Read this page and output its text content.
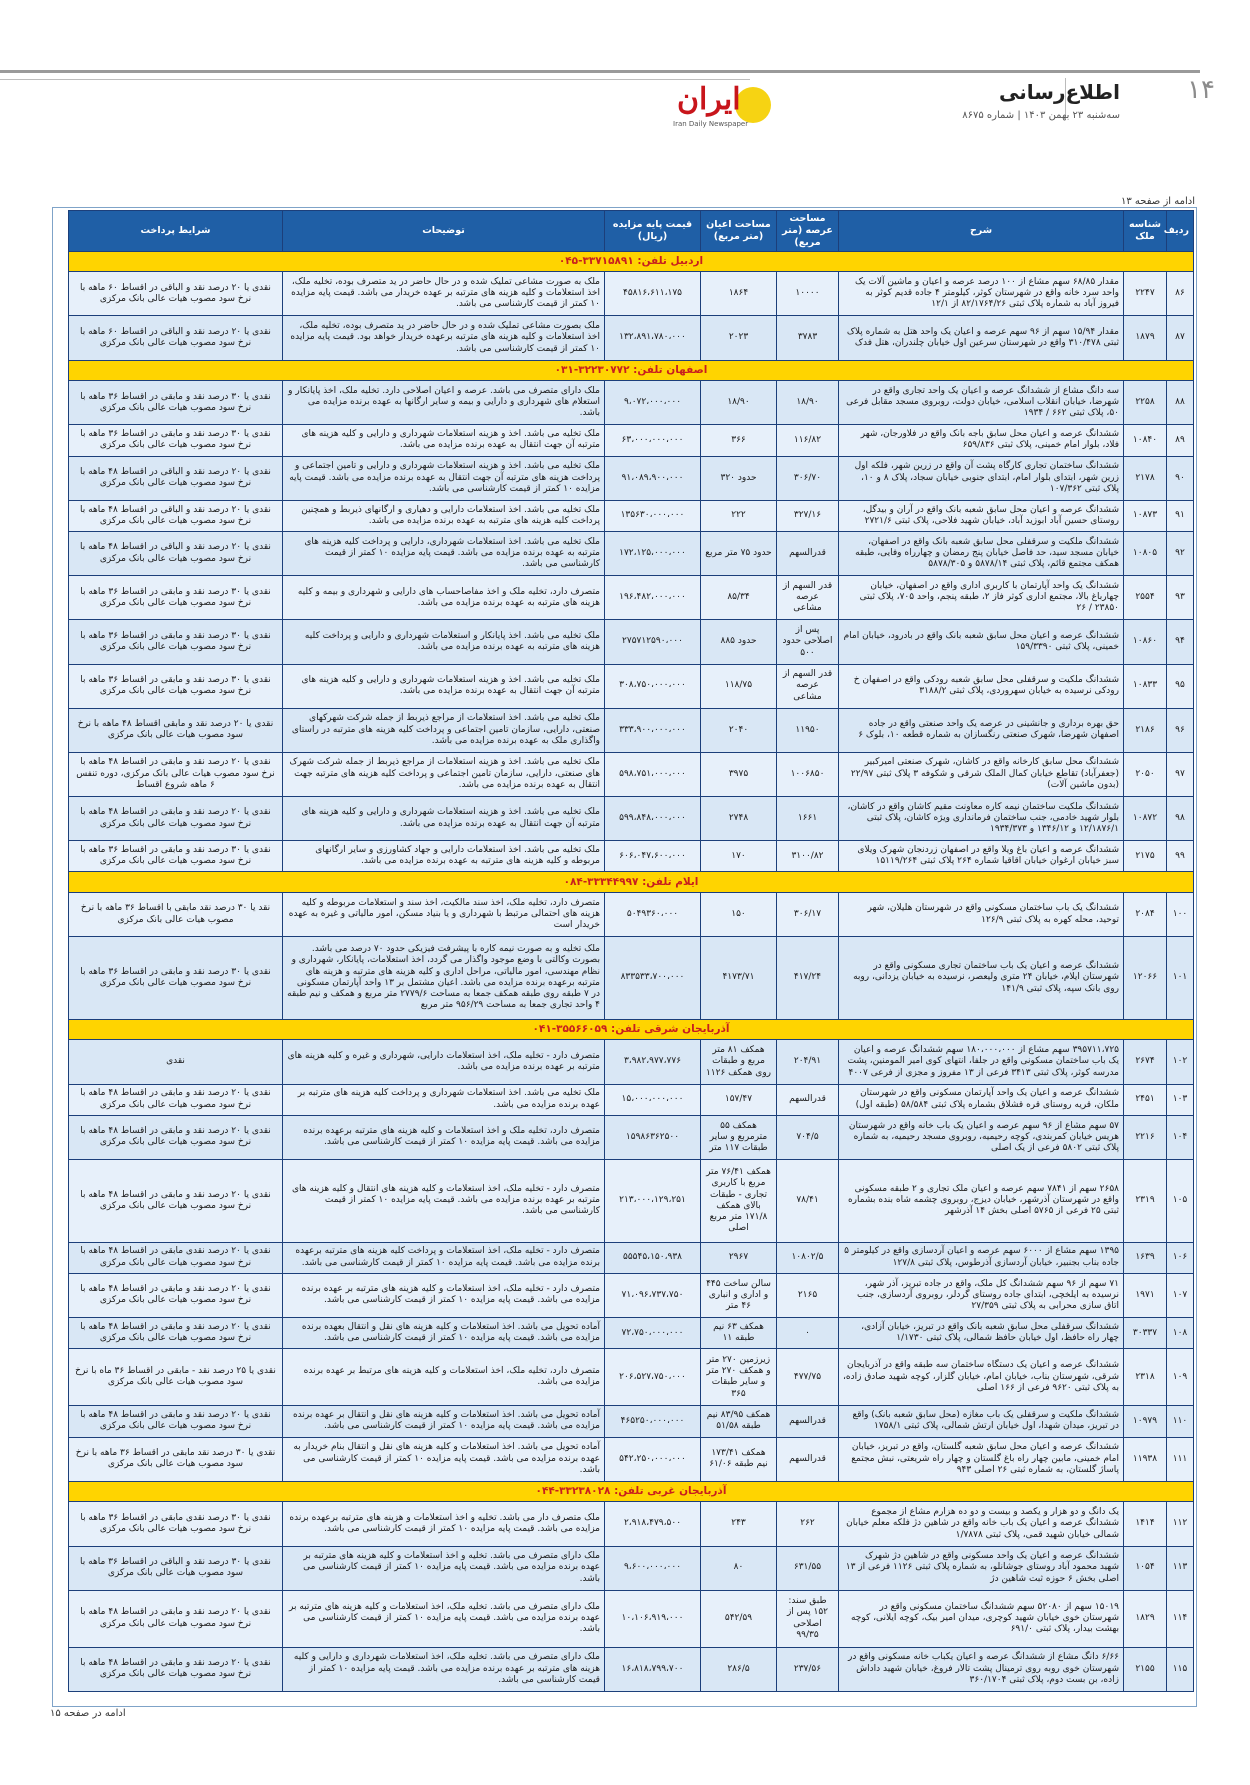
۱۴
اطلاع‌رسانی
سه‌شنبه ۲۳ بهمن ۱۴۰۳ | شماره ۸۶۷۵
ایران
Iran Daily Newspaper
ادامه از صفحه ۱۳
ردیف	شناسه ملک	شرح	مساحت عرصه (متر مربع)	مساحت اعیان (متر مربع)	قیمت پایه مزایده (ریال)	توضیحات	شرایط پرداخت
اردبیل تلفن: ۳۳۷۱۵۸۹۱-۰۴۵							
۸۶	۲۲۴۷	مقدار ۶۸/۸۵ سهم مشاع از ۱۰۰ درصد عرصه و اعیان و ماشین آلات یک واحد سرد خانه واقع در شهرستان کوثر، کیلومتر ۴ جاده قدیم کوثر به فیروز آباد به شماره پلاک ثبتی ۸۲/۱۷۶۴/۲۶ از ۱۲/۱	۱۰۰۰۰	۱۸۶۴	۴۵۸۱۶،۶۱۱،۱۷۵	ملک به صورت مشاعی تملیک شده و در حال حاضر در ید متصرف بوده، تخلیه ملک، اخذ استعلامات و کلیه هزینه های مترتبه بر عهده خریدار می باشد. قیمت پایه مزایده ۱۰ کمتر از قیمت کارشناسی می باشد.	نقدی یا ۲۰ درصد نقد و الباقی در اقساط ۶۰ ماهه با نرخ سود مصوب هیات عالی بانک مرکزی
۸۷	۱۸۷۹	مقدار ۱۵/۹۴ سهم از ۹۶ سهم عرصه و اعیان یک واحد هتل به شماره پلاک ثبتی ۳۱۰/۴۷۸ واقع در شهرستان سرعین اول خیابان چلندران، هتل فدک	۳۷۸۳	۲۰۲۳	۱۳۲،۸۹۱،۷۸۰،۰۰۰	ملک بصورت مشاعی تملیک شده و در حال حاضر در ید متصرف بوده، تخلیه ملک، اخذ استعلامات و کلیه هزینه های مترتبه برعهده خریدار خواهد بود. قیمت پایه مزایده ۱۰ کمتر از قیمت کارشناسی می باشد.	نقدی یا ۲۰ درصد نقد و الباقی در اقساط ۶۰ ماهه با نرخ سود مصوب هیات عالی بانک مرکزی
اصفهان تلفن: ۳۲۲۳۰۷۷۲-۰۳۱							
۸۸	۲۲۵۸	سه دانگ مشاع از ششدانگ عرصه و اعیان یک واحد تجاری واقع در شهرضا، خیابان انقلاب اسلامی، خیابان دولت، روبروی مسجد مقابل فرعی ۵۰، پلاک ثبتی ۶۶۲ / ۱۹۳۴	۱۸/۹۰	۱۸/۹۰	۹،۰۷۲،۰۰۰،۰۰۰	ملک دارای متصرف می باشد. عرصه و اعیان اصلاحی دارد. تخلیه ملک، اخذ پایانکار و استعلام های شهرداری و دارایی و بیمه و سایر ارگانها به عهده برنده مزایده می باشد.	نقدی یا ۳۰ درصد نقد و مابقی در اقساط ۳۶ ماهه با نرخ سود مصوب هیات عالی بانک مرکزی
۸۹	۱۰۸۴۰	ششدانگ عرصه و اعیان محل سابق باجه بانک واقع در فلاورجان، شهر فلاد، بلوار امام خمینی، پلاک ثبتی ۶۵۹/۸۳۶	۱۱۶/۸۲	۳۶۶	۶۳،۰۰۰،۰۰۰،۰۰۰	ملک تخلیه می باشد. اخذ و هزینه استعلامات شهرداری و دارایی و کلیه هزینه های مترتبه آن جهت انتقال به عهده برنده مزایده می باشد.	نقدی یا ۳۰ درصد نقد و مابقی در اقساط ۳۶ ماهه با نرخ سود مصوب هیات عالی بانک مرکزی
۹۰	۲۱۷۸	ششدانگ ساختمان تجاری کارگاه پشت آن واقع در زرین شهر، فلکه اول زرین شهر، ابتدای بلوار امام، ابتدای جنوبی خیابان سجاد، پلاک ۸ و ۱۰، پلاک ثبتی ۱۰۷/۳۶۲	۳۰۶/۷۰	حدود ۳۲۰	۹۱،۰۸۹،۹۰۰،۰۰۰	ملک تخلیه می باشد. اخذ و هزینه استعلامات شهرداری و دارایی و تامین اجتماعی و پرداخت هزینه های مترتبه آن جهت انتقال به عهده برنده مزایده می باشد. قیمت پایه مزایده ۱۰ کمتر از قیمت کارشناسی می باشد.	نقدی یا ۲۰ درصد نقد و الباقی در اقساط ۴۸ ماهه با نرخ سود مصوب هیات عالی بانک مرکزی
۹۱	۱۰۸۷۳	ششدانگ عرصه و اعیان محل سابق شعبه بانک واقع در آران و بیدگل، روستای حسین آباد ابوزید آباد، خیابان شهید فلاحی، پلاک ثبتی ۲۷۲۱/۶	۳۲۷/۱۶	۲۲۲	۱۳۵۶۳۰،۰۰۰،۰۰۰	ملک تخلیه می باشد. اخذ استعلامات دارایی و دهیاری و ارگانهای ذیربط و همچنین پرداخت کلیه هزینه های مترتبه به عهده برنده مزایده می باشد.	نقدی یا ۲۰ درصد نقد و الباقی در اقساط ۴۸ ماهه با نرخ سود مصوب هیات عالی بانک مرکزی
۹۲	۱۰۸۰۵	ششدانگ ملکیت و سرقفلی محل سابق شعبه بانک واقع در اصفهان، خیابان مسجد سید، حد فاصل خیابان پنج رمضان و چهارراه وفایی، طبقه همکف مجتمع قائم، پلاک ثبتی ۵۸۷۸/۱۴ و ۵۸۷۸/۳۰۵	قدرالسهم	حدود ۷۵ متر مربع	۱۷۲،۱۲۵،۰۰۰،۰۰۰	ملک تخلیه می باشد. اخذ استعلامات شهرداری، دارایی و پرداخت کلیه هزینه های مترتبه به عهده برنده مزایده می باشد. قیمت پایه مزایده ۱۰ کمتر از قیمت کارشناسی می باشد.	نقدی یا ۲۰ درصد نقد و الباقی در اقساط ۴۸ ماهه با نرخ سود مصوب هیات عالی بانک مرکزی
۹۳	۲۵۵۴	ششدانگ یک واحد آپارتمان با کاربری اداری واقع در اصفهان، خیابان چهارباغ بالا، مجتمع اداری کوثر فاز ۲، طبقه پنجم، واحد ۷۰۵، پلاک ثبتی ۲۳۸۵۰ / ۲۶	قدر السهم از عرصه مشاعی	۸۵/۳۴	۱۹۶،۴۸۲،۰۰۰،۰۰۰	متصرف دارد، تخلیه ملک و اخذ مفاصاحساب های دارایی و شهرداری و بیمه و کلیه هزینه های مترتبه به عهده برنده مزایده می باشد.	نقدی یا ۳۰ درصد نقد و مابقی در اقساط ۳۶ ماهه با نرخ سود مصوب هیات عالی بانک مرکزی
۹۴	۱۰۸۶۰	ششدانگ عرصه و اعیان محل سابق شعبه بانک واقع در بادرود، خیابان امام خمینی، پلاک ثبتی ۱۵۹/۳۳۹۰	پس از اصلاحی حدود ۵۰۰	حدود ۸۸۵	۲۷۵۷۱۲۵۹۰،۰۰۰	ملک تخلیه می باشد. اخذ پایانکار و استعلامات شهرداری و دارایی و پرداخت کلیه هزینه های مترتبه به عهده برنده مزایده می باشد.	نقدی یا ۳۰ درصد نقد و مابقی در اقساط ۳۶ ماهه با نرخ سود مصوب هیات عالی بانک مرکزی
۹۵	۱۰۸۳۳	ششدانگ ملکیت و سرقفلی محل سابق شعبه رودکی واقع در اصفهان خ رودکی نرسیده به خیابان سهروردی، پلاک ثبتی ۳۱۸۸/۲	قدر السهم از عرصه مشاعی	۱۱۸/۷۵	۳۰۸،۷۵۰،۰۰۰،۰۰۰	ملک تخلیه می باشد. اخذ و هزینه استعلامات شهرداری و دارایی و کلیه هزینه های مترتبه آن جهت انتقال به عهده برنده مزایده می باشد.	نقدی یا ۳۰ درصد نقد و مابقی در اقساط ۳۶ ماهه با نرخ سود مصوب هیات عالی بانک مرکزی
۹۶	۲۱۸۶	حق بهره برداری و جانشینی در عرصه یک واحد صنعتی واقع در جاده اصفهان شهرضا، شهرک صنعتی رنگسازان به شماره قطعه ۱۰، بلوک ۶	۱۱۹۵۰	۲۰۴۰	۳۳۳،۹۰۰،۰۰۰،۰۰۰	ملک تخلیه می باشد. اخذ استعلامات از مراجع ذیربط از جمله شرکت شهرکهای صنعتی، دارایی، سازمان تامین اجتماعی و پرداخت کلیه هزینه های مترتبه در راستای واگذاری ملک به عهده برنده مزایده می باشد.	نقدی یا ۲۰ درصد نقد و مابقی اقساط ۴۸ ماهه با نرخ سود مصوب هیات عالی بانک مرکزی
۹۷	۲۰۵۰	ششدانگ محل سابق کارخانه واقع در کاشان، شهرک صنعتی امیرکبیر (جعفرآباد) تقاطع خیابان کمال الملک شرقی و شکوفه ۳ پلاک ثبتی ۲۲/۹۷ (بدون ماشین آلات)	۱۰۰۶۸۵۰	۳۹۷۵	۵۹۸،۷۵۱،۰۰۰،۰۰۰	ملک تخلیه می باشد. اخذ و هزینه استعلامات از مراجع ذیربط از جمله شرکت شهرک های صنعتی، دارایی، سازمان تامین اجتماعی و پرداخت کلیه هزینه های مترتبه جهت انتقال به عهده برنده مزایده می باشد.	نقدی یا ۲۰ درصد نقد و مابقی در اقساط ۴۸ ماهه با نرخ سود مصوب هیات عالی بانک مرکزی، دوره تنفس ۶ ماهه شروع اقساط
۹۸	۱۰۸۷۲	ششدانگ ملکیت ساختمان نیمه کاره معاونت مقیم کاشان واقع در کاشان، بلوار شهید خادمی، جنب ساختمان فرمانداری ویژه کاشان، پلاک ثبتی ۱۲/۱۸۷۶/۱ و ۱۳۴۶/۱۲ و ۱۹۳۴/۳۷۳	۱۶۶۱	۲۷۴۸	۵۹۹،۸۴۸،۰۰۰،۰۰۰	ملک تخلیه می باشد. اخذ و هزینه استعلامات شهرداری و دارایی و کلیه هزینه های مترتبه آن جهت انتقال به عهده برنده مزایده می باشد.	نقدی یا ۲۰ درصد نقد و مابقی در اقساط ۴۸ ماهه با نرخ سود مصوب هیات عالی بانک مرکزی
۹۹	۲۱۷۵	ششدانگ عرصه و اعیان باغ ویلا واقع در اصفهان زردنجان شهرک ویلای سبز خیابان ارغوان خیابان اقاقیا شماره ۲۶۴ پلاک ثبتی ۱۵۱۱۹/۲۶۴	۳۱۰۰/۸۲	۱۷۰	۶۰۶،۰۴۷،۶۰۰،۰۰۰	ملک تخلیه می باشد. اخذ استعلامات دارایی و جهاد کشاورزی و سایر ارگانهای مربوطه و کلیه هزینه های مترتبه به عهده برنده مزایده می باشد.	نقدی یا ۳۰ درصد نقد و مابقی در اقساط ۳۶ ماهه با نرخ سود مصوب هیات عالی بانک مرکزی
ایلام تلفن: ۳۳۳۴۴۹۹۷-۰۸۴							
۱۰۰	۲۰۸۴	ششدانگ یک باب ساختمان مسکونی واقع در شهرستان هلیلان، شهر توحید، محله کهره به پلاک ثبتی ۱۲۶/۹	۳۰۶/۱۷	۱۵۰	۵۰۴۹۳۶۰،۰۰۰	متصرف دارد، تخلیه ملک، اخذ سند مالکیت، اخذ سند و استعلامات مربوطه و کلیه هزینه های احتمالی مرتبط با شهرداری و یا بنیاد مسکن، امور مالیاتی و غیره به عهده خریدار است	نقد یا ۳۰ درصد نقد مابقی با اقساط ۳۶ ماهه با نرخ مصوب هیات عالی بانک مرکزی
۱۰۱	۱۲۰۶۶	ششدانگ عرصه و اعیان یک باب ساختمان تجاری مسکونی واقع در شهرستان ایلام، خیابان ۲۴ متری ولیعصر، نرسیده به خیابان یزدانی، روبه روی بانک سپه، پلاک ثبتی ۱۴۱/۹	۴۱۷/۲۴	۴۱۷۳/۷۱	۸۳۳۵۳۳،۷۰۰،۰۰۰	ملک تخلیه و به صورت نیمه کاره با پیشرفت فیزیکی حدود ۷۰ درصد می باشد. بصورت وکالتی با وضع موجود واگذار می گردد، اخذ استعلامات، پایانکار، شهرداری و نظام مهندسی، امور مالیاتی، مراحل اداری و کلیه هزینه های مترتبه و هزینه های مترتبه برعهده برنده مزایده می باشد. اعیان مشتمل بر ۱۳ واحد آپارتمان مسکونی در ۷ طبقه روی طبقه همکف جمعا به مساحت ۲۷۷۹/۶ متر مربع و همکف و نیم طبقه ۴ واحد تجاری جمعا به مساحت ۹۵۶/۲۹ متر مربع	نقدی یا ۳۰ درصد نقد و مابقی در اقساط ۳۶ ماهه با نرخ سود مصوب هیات عالی بانک مرکزی
آذربایجان شرقی تلفن: ۳۵۵۶۶۰۵۹-۰۴۱							
۱۰۲	۲۶۷۴	۳۹۵۷۱۱،۷۲۵ سهم مشاع از ۱۸۰،۰۰۰،۰۰۰ سهم ششدانگ عرصه و اعیان یک باب ساختمان مسکونی واقع در جلفا، انتهای کوی امیر المومنین، پشت مدرسه کوثر، پلاک ثبتی ۳۴۱۳ فرعی از ۱۳ مفروز و مجزی از فرعی ۴۰۰۷	۲۰۴/۹۱	همکف ۸۱ متر مربع و طبقات روی همکف ۱۱۲۶	۳،۹۸۲،۹۷۷،۷۷۶	متصرف دارد - تخلیه ملک، اخذ استعلامات دارایی، شهرداری و غیره و کلیه هزینه های مترتبه بر عهده برنده مزایده می باشد.	نقدی
۱۰۳	۲۴۵۱	ششدانگ عرصه و اعیان یک واحد آپارتمان مسکونی واقع در شهرستان ملکان، قریه روستای قره قشلاق بشماره پلاک ثبتی ۵۸/۵۸۴ (طبقه اول)	قدرالسهم	۱۵۷/۴۷	۱۵،۰۰۰،۰۰۰،۰۰۰	ملک تخلیه می باشد. اخذ استعلامات شهرداری و پرداخت کلیه هزینه های مترتبه بر عهده برنده مزایده می باشد.	نقدی یا ۲۰ درصد نقد و مابقی در اقساط ۴۸ ماهه با نرخ سود مصوب هیات عالی بانک مرکزی
۱۰۴	۲۲۱۶	۵۷ سهم مشاع از ۹۶ سهم عرصه و اعیان یک باب خانه واقع در شهرستان هریس خیابان کمربندی، کوچه رحیمیه، روبروی مسجد رحیمیه، به شماره پلاک ثبتی ۵۸۰۲ فرعی از یک اصلی	۷۰۴/۵	همکف ۵۵ مترمربع و سایر طبقات ۱۱۷ متر	۱۵۹۸۶۳۶۲۵۰۰	متصرف دارد، تخلیه ملک و اخذ استعلامات و کلیه هزینه های مترتبه برعهده برنده مزایده می باشد. قیمت پایه مزایده ۱۰ کمتر از قیمت کارشناسی می باشد.	نقدی یا ۲۰ درصد نقد و مابقی در اقساط ۴۸ ماهه با نرخ سود مصوب هیات عالی بانک مرکزی
۱۰۵	۲۳۱۹	۲۶۵۸ سهم از ۷۸۴۱ سهم عرصه و اعیان ملک تجاری و ۲ طبقه مسکونی واقع در شهرستان آذرشهر، خیابان دیزج، روبروی چشمه شاه بنده بشماره ثبتی ۲۵ فرعی از ۵۷۶۵ اصلی بخش ۱۴ آذرشهر	۷۸/۴۱	همکف ۷۶/۴۱ متر مربع با کاربری تجاری - طبقات بالای همکف ۱۷۱/۸ متر مربع اصلی	۲۱۳،۰۰۰،۱۲۹،۲۵۱	متصرف دارد - تخلیه ملک، اخذ استعلامات و کلیه هزینه های انتقال و کلیه هزینه های مترتبه بر عهده برنده مزایده می باشد. قیمت پایه مزایده ۱۰ کمتر از قیمت کارشناسی می باشد.	نقدی یا ۲۰ درصد نقد و مابقی در اقساط ۴۸ ماهه با نرخ سود مصوب هیات عالی بانک مرکزی
۱۰۶	۱۶۳۹	۱۳۹۵ سهم مشاع از ۶۰۰۰ سهم عرصه و اعیان آردسازی واقع در کیلومتر ۵ جاده بناب بجنبیر، خیابان آردسازی آذرطوس، پلاک ثبتی ۱۲۷/۸	۱۰۸۰۲/۵	۲۹۶۷	۵۵۵۴۵،۱۵۰،۹۳۸	متصرف دارد - تخلیه ملک، اخذ استعلامات و پرداخت کلیه هزینه های مترتبه برعهده برنده مزایده می باشد. قیمت پایه مزایده ۱۰ کمتر از قیمت کارشناسی می باشد.	نقدی یا ۲۰ درصد نقدی مابقی در اقساط ۴۸ ماهه با نرخ سود مصوب هیات عالی بانک مرکزی
۱۰۷	۱۹۷۱	۷۱ سهم از ۹۶ سهم ششدانگ کل ملک، واقع در جاده تبریز، آذر شهر، نرسیده به ایلخچی، ابتدای جاده روستای گردلر، روبروی آردسازی، جنب اتاق سازی محرابی به پلاک ثبتی ۲۷/۳۵۹	۲۱۶۵	سالن ساخت ۴۴۵ و اداری و انباری ۴۶ متر	۷۱،۰۹۶،۷۳۷،۷۵۰	متصرف دارد - تخلیه ملک، اخذ استعلامات و کلیه هزینه های مترتبه بر عهده برنده مزایده می باشد. قیمت پایه مزایده ۱۰ کمتر از قیمت کارشناسی می باشد.	نقدی یا ۲۰ درصد نقد و مابقی در اقساط ۴۸ ماهه با نرخ سود مصوب هیات عالی بانک مرکزی
۱۰۸	۳۰۳۳۷	ششدانگ سرقفلی محل سابق شعبه بانک واقع در تبریز، خیابان آزادی، چهار راه حافظ، اول خیابان حافظ شمالی، پلاک ثبتی ۱/۱۷۳۰	۰	همکف ۶۳ نیم طبقه ۱۱	۷۲،۷۵۰،۰۰۰،۰۰۰	آماده تحویل می باشد. اخذ استعلامات و کلیه هزینه های نقل و انتقال بعهده برنده مزایده می باشد. قیمت پایه مزایده ۱۰ کمتر از قیمت کارشناسی می باشد.	نقدی یا ۲۰ درصد نقد و مابقی در اقساط ۴۸ ماهه با نرخ سود مصوب هیات عالی بانک مرکزی
۱۰۹	۲۳۱۸	ششدانگ عرصه و اعیان یک دستگاه ساختمان سه طبقه واقع در آذربایجان شرقی، شهرستان بناب، خیابان امام، خیابان گلزار، کوچه شهید صادق زاده، به پلاک ثبتی ۹۶۲۰ فرعی از ۱۶۶ اصلی	۴۷۷/۷۵	زیرزمین ۲۷۰ متر و همکف ۲۷۰ متر و سایر طبقات ۳۶۵	۲۰۶،۵۲۷،۷۵۰،۰۰۰	متصرف دارد، تخلیه ملک، اخذ استعلامات و کلیه هزینه های مرتبط بر عهده برنده مزایده می باشد.	نقدی یا ۲۵ درصد نقد - مابقی در اقساط ۳۶ ماه با نرخ سود مصوب هیات عالی بانک مرکزی
۱۱۰	۱۰۹۷۹	ششدانگ ملکیت و سرقفلی یک باب مغازه (محل سابق شعبه بانک) واقع در تبریز، میدان شهدا، اول خیابان ارتش شمالی، پلاک ثبتی ۱۷۵۸/۱	قدرالسهم	همکف ۸۳/۹۵ نیم طبقه ۵۱/۵۸	۴۶۵۲۵۰،۰۰۰،۰۰۰	آماده تحویل می باشد. اخذ استعلامات و کلیه هزینه های نقل و انتقال بر عهده برنده مزایده می باشد. قیمت پایه مزایده ۱۰ کمتر از قیمت کارشناسی می باشد.	نقدی یا ۲۰ درصد نقد و مابقی در اقساط ۴۸ ماهه با نرخ سود مصوب هیات عالی بانک مرکزی
۱۱۱	۱۱۹۳۸	ششدانگ عرصه و اعیان محل سابق شعبه گلستان، واقع در تبریز، خیابان امام خمینی، مابین چهار راه باغ گلستان و چهار راه شریعتی، نبش مجتمع پاساژ گلستان، به شماره ثبتی ۲۶ اصلی ۹۴۳	قدرالسهم	همکف ۱۷۳/۴۱ نیم طبقه ۶۱/۰۶	۵۴۲،۲۵۰،۰۰۰،۰۰۰	آماده تحویل می باشد. اخذ استعلامات و کلیه هزینه های نقل و انتقال بنام خریدار به عهده برنده مزایده می باشد. قیمت پایه مزایده ۱۰ کمتر از قیمت کارشناسی می باشد.	نقدی یا ۳۰ درصد نقد مابقی در اقساط ۳۶ ماهه با نرخ سود مصوب هیات عالی بانک مرکزی
آذربایجان غربی تلفن: ۳۳۲۳۸۰۲۸-۰۴۴							
۱۱۲	۱۴۱۴	یک دانگ و دو هزار و یکصد و بیست و دو ده هزارم مشاع از مجموع ششدانگ عرصه و اعیان یک باب خانه واقع در شاهین دژ فلکه معلم خیابان شمالی خیابان شهید قمی، پلاک ثبتی ۱/۷۸۷۸	۲۶۲	۲۴۳	۲،۹۱۸،۴۷۹،۵۰۰	ملک متصرف دار می باشد. تخلیه و اخذ استعلامات و هزینه های مترتبه برعهده برنده مزایده می باشد. قیمت پایه مزایده ۱۰ کمتر از قیمت کارشناسی می باشد.	نقدی یا ۳۰ درصد نقدی مابقی در اقساط ۳۶ ماهه با نرخ سود مصوب هیات عالی بانک مرکزی
۱۱۳	۱۰۵۴	ششدانگ عرصه و اعیان یک واحد مسکونی واقع در شاهین دژ شهرک شهید محمود آباد روستای جوشانلو، به شماره پلاک ثبتی ۱۱۲۶ فرعی از ۱۳ اصلی بخش ۶ حوزه ثبت شاهین دژ	۶۳۱/۵۵	۸۰	۹،۶۰۰،۰۰۰،۰۰۰	ملک دارای متصرف می باشد. تخلیه و اخذ استعلامات و کلیه هزینه های مترتبه بر عهده برنده مزایده می باشد. قیمت پایه مزایده ۱۰ کمتر از قیمت کارشناسی می باشد.	نقدی یا ۳۰ درصد نقد و الباقی در اقساط ۳۶ ماهه با سود مصوب هیات عالی بانک مرکزی
۱۱۴	۱۸۲۹	۱۵۰۱۹ سهم از ۵۲۰۸۰ سهم ششدانگ ساختمان مسکونی واقع در شهرستان خوی خیابان شهید کوچری، میدان امیر بیک، کوچه ایلانی، کوچه بهشت بیدار، پلاک ثبتی ۶۹۱/۰	طبق سند: ۱۵۲ پس از اصلاحی ۹۹/۳۵	۵۴۲/۵۹	۱۰،۱۰۶،۹۱۹،۰۰۰	ملک دارای متصرف می باشد. تخلیه ملک، اخذ استعلامات و کلیه هزینه های مترتبه بر عهده برنده مزایده می باشد. قیمت پایه مزایده ۱۰ کمتر از قیمت کارشناسی می باشد.	نقدی یا ۲۰ درصد نقد و مابقی در اقساط ۴۸ ماهه با نرخ سود مصوب هیات عالی بانک مرکزی
۱۱۵	۲۱۵۵	۶/۶۶ دانگ مشاع از ششدانگ عرصه و اعیان یکباب خانه مسکونی واقع در شهرستان خوی روبه روی ترمینال پشت تالار فروغ، خیابان شهید داداش زاده، بن بست دوم، پلاک ثبتی ۳۶۰/۱۷۰۴	۲۳۷/۵۶	۲۸۶/۵	۱۶،۸۱۸،۷۹۹،۷۰۰	ملک دارای متصرف می باشد. تخلیه ملک، اخذ استعلامات شهرداری و دارایی و کلیه هزینه های مترتبه بر عهده برنده مزایده می باشد. قیمت پایه مزایده ۱۰ کمتر از قیمت کارشناسی می باشد.	نقدی یا ۲۰ درصد نقد و مابقی در اقساط ۴۸ ماهه با نرخ سود مصوب هیات عالی بانک مرکزی
ادامه در صفحه ۱۵
